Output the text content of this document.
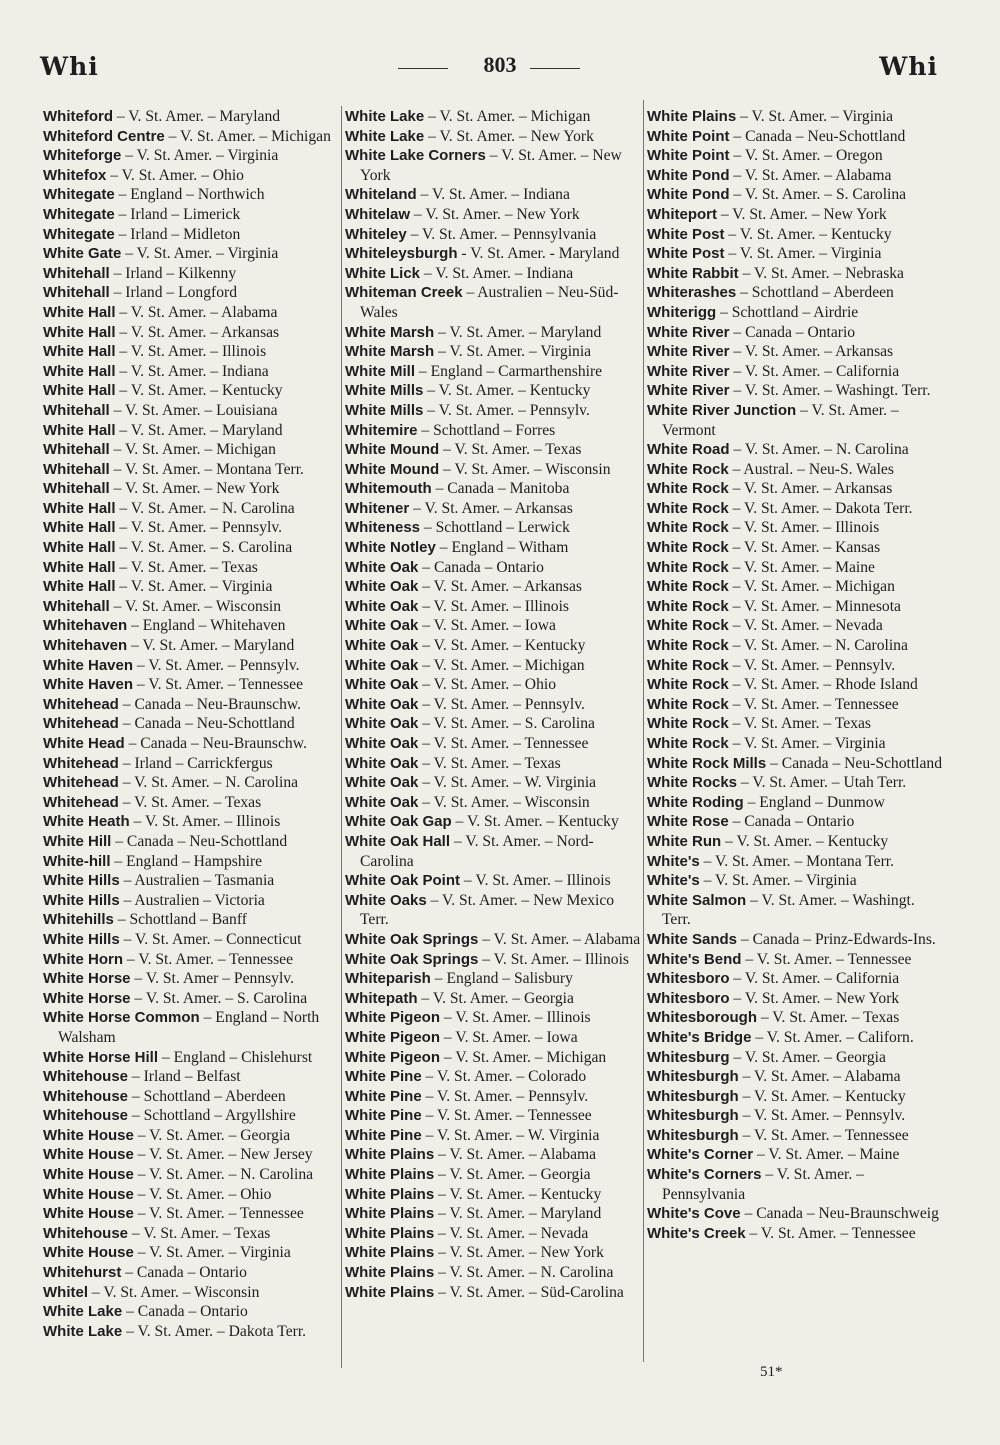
Whi	803	Whi
Whiteford – V. St. Amer. – Maryland
Whiteford Centre – V. St. Amer. – Michigan
Whiteforge – V. St. Amer. – Virginia
Whitefox – V. St. Amer. – Ohio
Whitegate – England – Northwich
Whitegate – Irland – Limerick
Whitegate – Irland – Midleton
White Gate – V. St. Amer. – Virginia
Whitehall – Irland – Kilkenny
Whitehall – Irland – Longford
White Hall – V. St. Amer. – Alabama
White Hall – V. St. Amer. – Arkansas
White Hall – V. St. Amer. – Illinois
White Hall – V. St. Amer. – Indiana
White Hall – V. St. Amer. – Kentucky
Whitehall – V. St. Amer. – Louisiana
White Hall – V. St. Amer. – Maryland
Whitehall – V. St. Amer. – Michigan
Whitehall – V. St. Amer. – Montana Terr.
Whitehall – V. St. Amer. – New York
White Hall – V. St. Amer. – N. Carolina
White Hall – V. St. Amer. – Pennsylv.
White Hall – V. St. Amer. – S. Carolina
White Hall – V. St. Amer. – Texas
White Hall – V. St. Amer. – Virginia
Whitehall – V. St. Amer. – Wisconsin
Whitehaven – England – Whitehaven
Whitehaven – V. St. Amer. – Maryland
White Haven – V. St. Amer. – Pennsylv.
White Haven – V. St. Amer. – Tennessee
Whitehead – Canada – Neu-Braunschw.
Whitehead – Canada – Neu-Schottland
White Head – Canada – Neu-Braunschw.
Whitehead – Irland – Carrickfergus
Whitehead – V. St. Amer. – N. Carolina
Whitehead – V. St. Amer. – Texas
White Heath – V. St. Amer. – Illinois
White Hill – Canada – Neu-Schottland
White-hill – England – Hampshire
White Hills – Australien – Tasmania
White Hills – Australien – Victoria
Whitehills – Schottland – Banff
White Hills – V. St. Amer. – Connecticut
White Horn – V. St. Amer. – Tennessee
White Horse – V. St. Amer – Pennsylv.
White Horse – V. St. Amer. – S. Carolina
White Horse Common – England – North Walsham
White Horse Hill – England – Chislehurst
Whitehouse – Irland – Belfast
Whitehouse – Schottland – Aberdeen
Whitehouse – Schottland – Argyllshire
White House – V. St. Amer. – Georgia
White House – V. St. Amer. – New Jersey
White House – V. St. Amer. – N. Carolina
White House – V. St. Amer. – Ohio
White House – V. St. Amer. – Tennessee
Whitehouse – V. St. Amer. – Texas
White House – V. St. Amer. – Virginia
Whitehurst – Canada – Ontario
Whitel – V. St. Amer. – Wisconsin
White Lake – Canada – Ontario
White Lake – V. St. Amer. – Dakota Terr.
White Lake – V. St. Amer. – Michigan
White Lake – V. St. Amer. – New York
White Lake Corners – V. St. Amer. – New York
Whiteland – V. St. Amer. – Indiana
Whitelaw – V. St. Amer. – New York
Whiteley – V. St. Amer. – Pennsylvania
Whiteleysburgh - V. St. Amer. - Maryland
White Lick – V. St. Amer. – Indiana
Whiteman Creek – Australien – Neu-Süd-Wales
White Marsh – V. St. Amer. – Maryland
White Marsh – V. St. Amer. – Virginia
White Mill – England – Carmarthenshire
White Mills – V. St. Amer. – Kentucky
White Mills – V. St. Amer. – Pennsylv.
Whitemire – Schottland – Forres
White Mound – V. St. Amer. – Texas
White Mound – V. St. Amer. – Wisconsin
Whitemouth – Canada – Manitoba
Whitener – V. St. Amer. – Arkansas
Whiteness – Schottland – Lerwick
White Notley – England – Witham
White Oak – Canada – Ontario
White Oak – V. St. Amer. – Arkansas
White Oak – V. St. Amer. – Illinois
White Oak – V. St. Amer. – Iowa
White Oak – V. St. Amer. – Kentucky
White Oak – V. St. Amer. – Michigan
White Oak – V. St. Amer. – Ohio
White Oak – V. St. Amer. – Pennsylv.
White Oak – V. St. Amer. – S. Carolina
White Oak – V. St. Amer. – Tennessee
White Oak – V. St. Amer. – Texas
White Oak – V. St. Amer. – W. Virginia
White Oak – V. St. Amer. – Wisconsin
White Oak Gap – V. St. Amer. – Kentucky
White Oak Hall – V. St. Amer. – Nord-Carolina
White Oak Point – V. St. Amer. – Illinois
White Oaks – V. St. Amer. – New Mexico Terr.
White Oak Springs – V. St. Amer. – Alabama
White Oak Springs – V. St. Amer. – Illinois
Whiteparish – England – Salisbury
Whitepath – V. St. Amer. – Georgia
White Pigeon – V. St. Amer. – Illinois
White Pigeon – V. St. Amer. – Iowa
White Pigeon – V. St. Amer. – Michigan
White Pine – V. St. Amer. – Colorado
White Pine – V. St. Amer. – Pennsylv.
White Pine – V. St. Amer. – Tennessee
White Pine – V. St. Amer. – W. Virginia
White Plains – V. St. Amer. – Alabama
White Plains – V. St. Amer. – Georgia
White Plains – V. St. Amer. – Kentucky
White Plains – V. St. Amer. – Maryland
White Plains – V. St. Amer. – Nevada
White Plains – V. St. Amer. – New York
White Plains – V. St. Amer. – N. Carolina
White Plains – V. St. Amer. – Süd-Carolina
White Plains – V. St. Amer. – Virginia
White Point – Canada – Neu-Schottland
White Point – V. St. Amer. – Oregon
White Pond – V. St. Amer. – Alabama
White Pond – V. St. Amer. – S. Carolina
Whiteport – V. St. Amer. – New York
White Post – V. St. Amer. – Kentucky
White Post – V. St. Amer. – Virginia
White Rabbit – V. St. Amer. – Nebraska
Whiterashes – Schottland – Aberdeen
Whiterigg – Schottland – Airdrie
White River – Canada – Ontario
White River – V. St. Amer. – Arkansas
White River – V. St. Amer. – California
White River – V. St. Amer. – Washingt. Terr.
White River Junction – V. St. Amer. – Vermont
White Road – V. St. Amer. – N. Carolina
White Rock – Austral. – Neu-S. Wales
White Rock – V. St. Amer. – Arkansas
White Rock – V. St. Amer. – Dakota Terr.
White Rock – V. St. Amer. – Illinois
White Rock – V. St. Amer. – Kansas
White Rock – V. St. Amer. – Maine
White Rock – V. St. Amer. – Michigan
White Rock – V. St. Amer. – Minnesota
White Rock – V. St. Amer. – Nevada
White Rock – V. St. Amer. – N. Carolina
White Rock – V. St. Amer. – Pennsylv.
White Rock – V. St. Amer. – Rhode Island
White Rock – V. St. Amer. – Tennessee
White Rock – V. St. Amer. – Texas
White Rock – V. St. Amer. – Virginia
White Rock Mills – Canada – Neu-Schottland
White Rocks – V. St. Amer. – Utah Terr.
White Roding – England – Dunmow
White Rose – Canada – Ontario
White Run – V. St. Amer. – Kentucky
White's – V. St. Amer. – Montana Terr.
White's – V. St. Amer. – Virginia
White Salmon – V. St. Amer. – Washingt. Terr.
White Sands – Canada – Prinz-Edwards-Ins.
White's Bend – V. St. Amer. – Tennessee
Whitesboro – V. St. Amer. – California
Whitesboro – V. St. Amer. – New York
Whitesborough – V. St. Amer. – Texas
White's Bridge – V. St. Amer. – Californ.
Whitesburg – V. St. Amer. – Georgia
Whitesburgh – V. St. Amer. – Alabama
Whitesburgh – V. St. Amer. – Kentucky
Whitesburgh – V. St. Amer. – Pennsylv.
Whitesburgh – V. St. Amer. – Tennessee
White's Corner – V. St. Amer. – Maine
White's Corners – V. St. Amer. – Pennsylvania
White's Cove – Canada – Neu-Braunschweig
White's Creek – V. St. Amer. – Tennessee
51*
